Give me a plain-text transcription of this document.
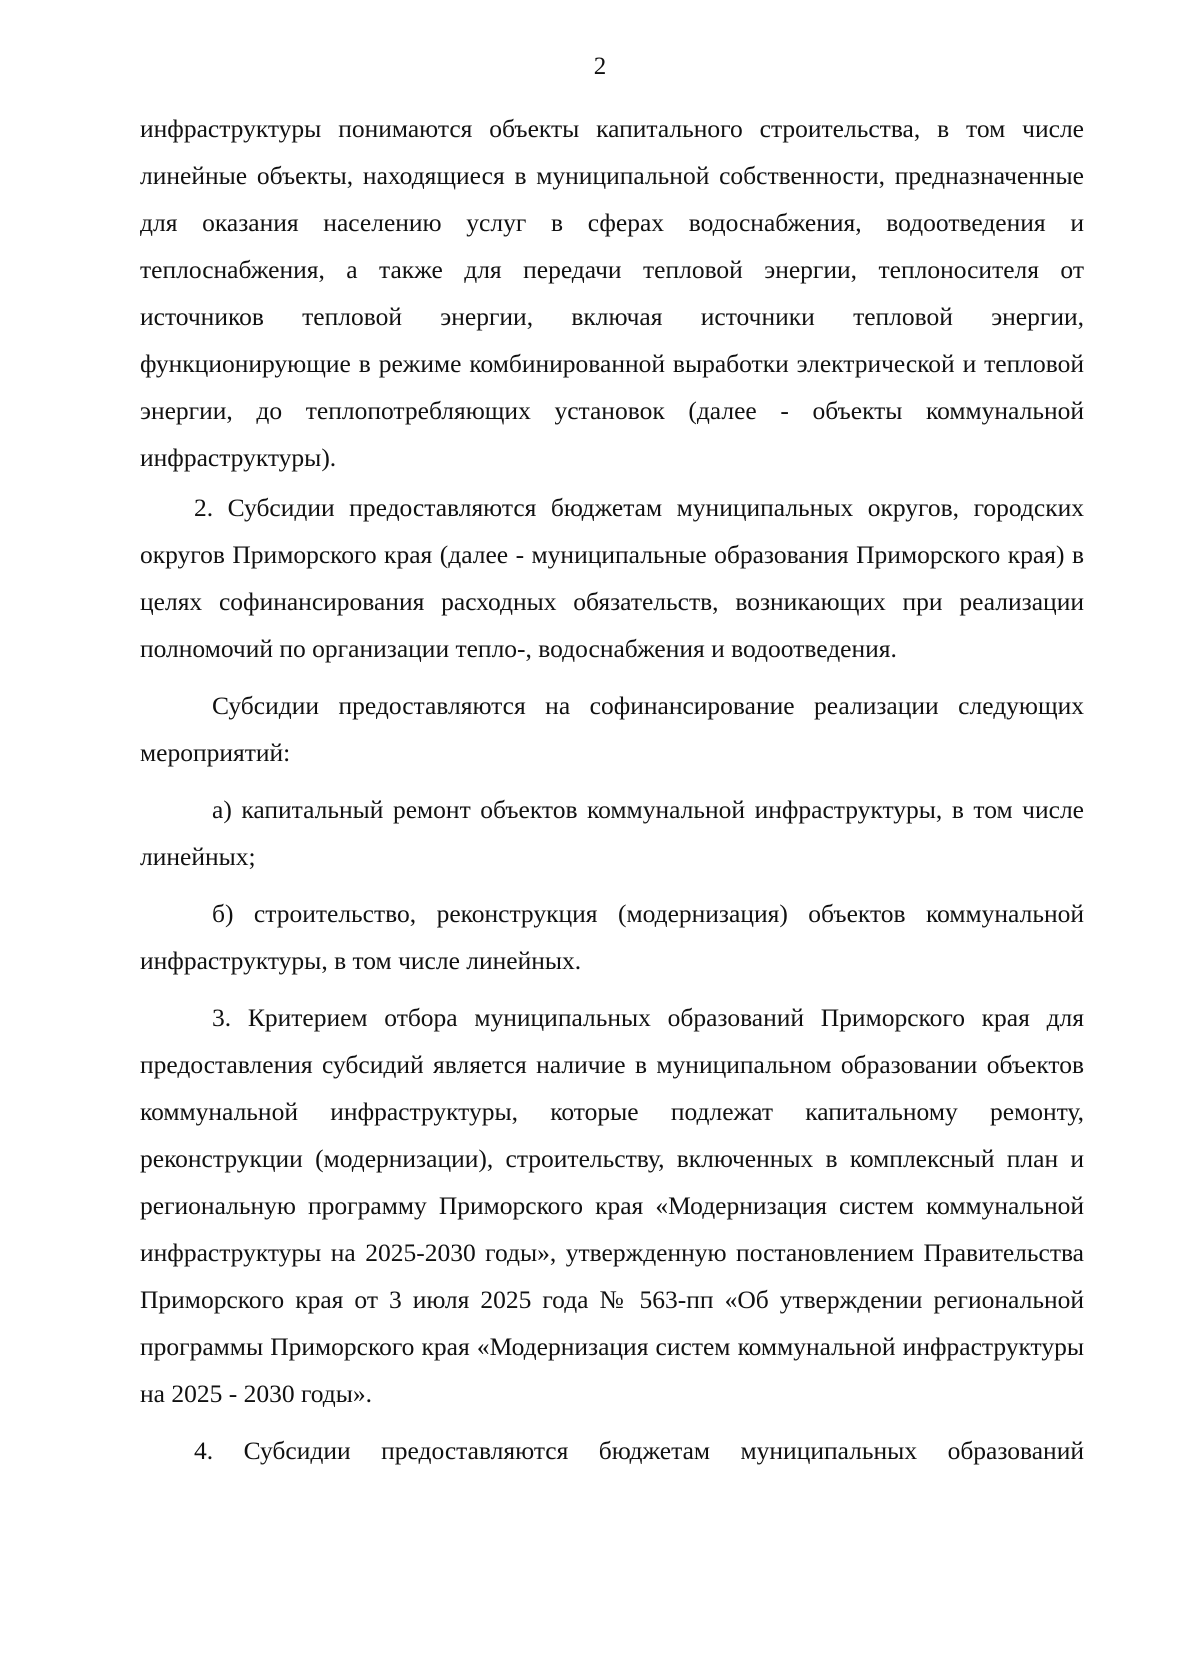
2

инфраструктуры понимаются объекты капитального строительства, в том числе линейные объекты, находящиеся в муниципальной собственности, предназначенные для оказания населению услуг в сферах водоснабжения, водоотведения и теплоснабжения, а также для передачи тепловой энергии, теплоносителя от источников тепловой энергии, включая источники тепловой энергии, функционирующие в режиме комбинированной выработки электрической и тепловой энергии, до теплопотребляющих установок (далее - объекты коммунальной инфраструктуры).

2. Субсидии предоставляются бюджетам муниципальных округов, городских округов Приморского края (далее - муниципальные образования Приморского края) в целях софинансирования расходных обязательств, возникающих при реализации полномочий по организации тепло-, водоснабжения и водоотведения.

Субсидии предоставляются на софинансирование реализации следующих мероприятий:

а) капитальный ремонт объектов коммунальной инфраструктуры, в том числе линейных;

б) строительство, реконструкция (модернизация) объектов коммунальной инфраструктуры, в том числе линейных.

3. Критерием отбора муниципальных образований Приморского края для предоставления субсидий является наличие в муниципальном образовании объектов коммунальной инфраструктуры, которые подлежат капитальному ремонту, реконструкции (модернизации), строительству, включенных в комплексный план и региональную программу Приморского края «Модернизация систем коммунальной инфраструктуры на 2025-2030 годы», утвержденную постановлением Правительства Приморского края от 3 июля 2025 года № 563-пп «Об утверждении региональной программы Приморского края «Модернизация систем коммунальной инфраструктуры на 2025 - 2030 годы».

4. Субсидии предоставляются бюджетам муниципальных образований
